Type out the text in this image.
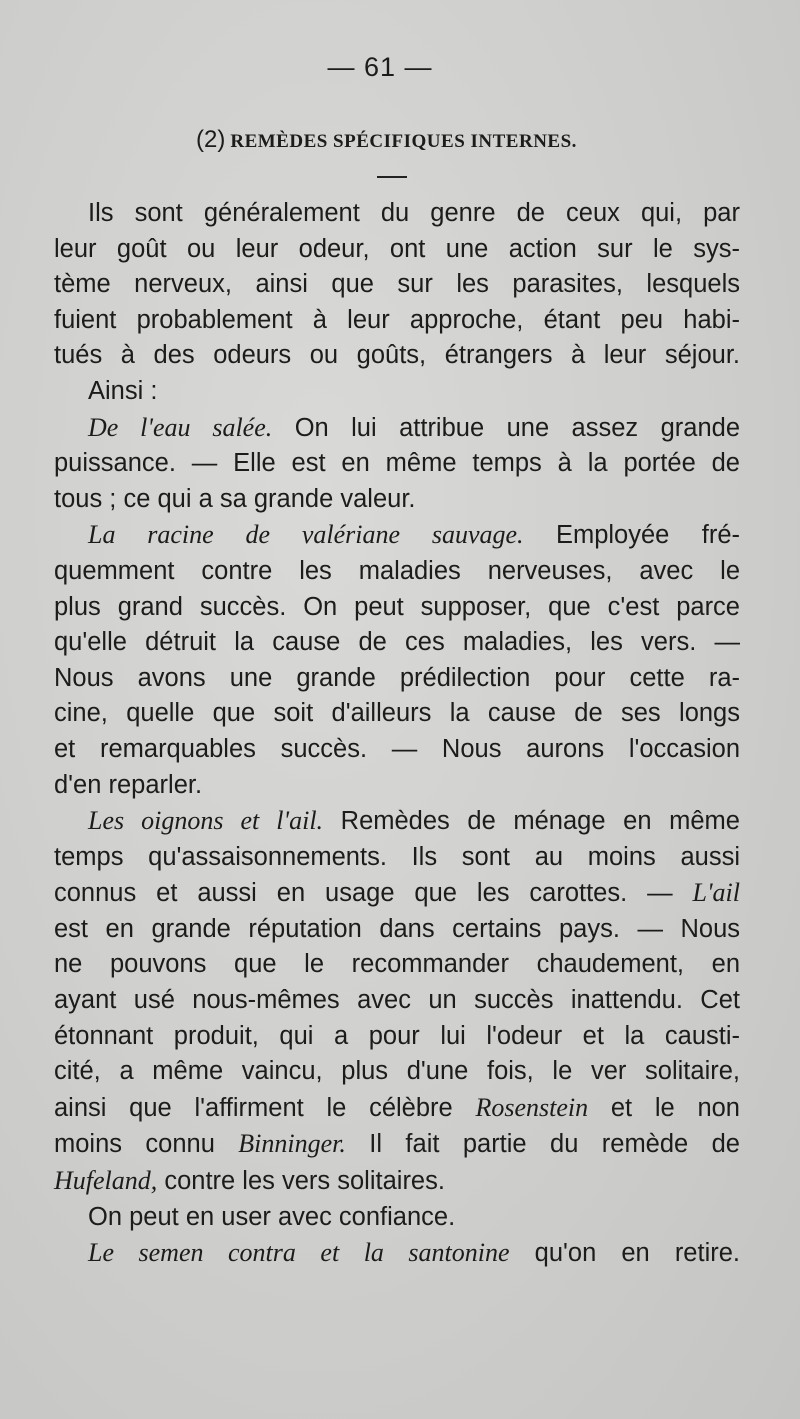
— 61 —
(2) REMÈDES SPÉCIFIQUES INTERNES.
Ils sont généralement du genre de ceux qui, par
leur goût ou leur odeur, ont une action sur le sys-
tème nerveux, ainsi que sur les parasites, lesquels
fuient probablement à leur approche, étant peu habi-
tués à des odeurs ou goûts, étrangers à leur séjour.
Ainsi :
De l'eau salée. On lui attribue une assez grande
puissance. — Elle est en même temps à la portée de
tous ; ce qui a sa grande valeur.
La racine de valériane sauvage. Employée fré-
quemment contre les maladies nerveuses, avec le
plus grand succès. On peut supposer, que c'est parce
qu'elle détruit la cause de ces maladies, les vers. —
Nous avons une grande prédilection pour cette ra-
cine, quelle que soit d'ailleurs la cause de ses longs
et remarquables succès. — Nous aurons l'occasion
d'en reparler.
Les oignons et l'ail. Remèdes de ménage en même
temps qu'assaisonnements. Ils sont au moins aussi
connus et aussi en usage que les carottes. — L'ail
est en grande réputation dans certains pays. — Nous
ne pouvons que le recommander chaudement, en
ayant usé nous-mêmes avec un succès inattendu. Cet
étonnant produit, qui a pour lui l'odeur et la causti-
cité, a même vaincu, plus d'une fois, le ver solitaire,
ainsi que l'affirment le célèbre Rosenstein et le non
moins connu Binninger. Il fait partie du remède de
Hufeland, contre les vers solitaires.
On peut en user avec confiance.
Le semen contra et la santonine qu'on en retire.
